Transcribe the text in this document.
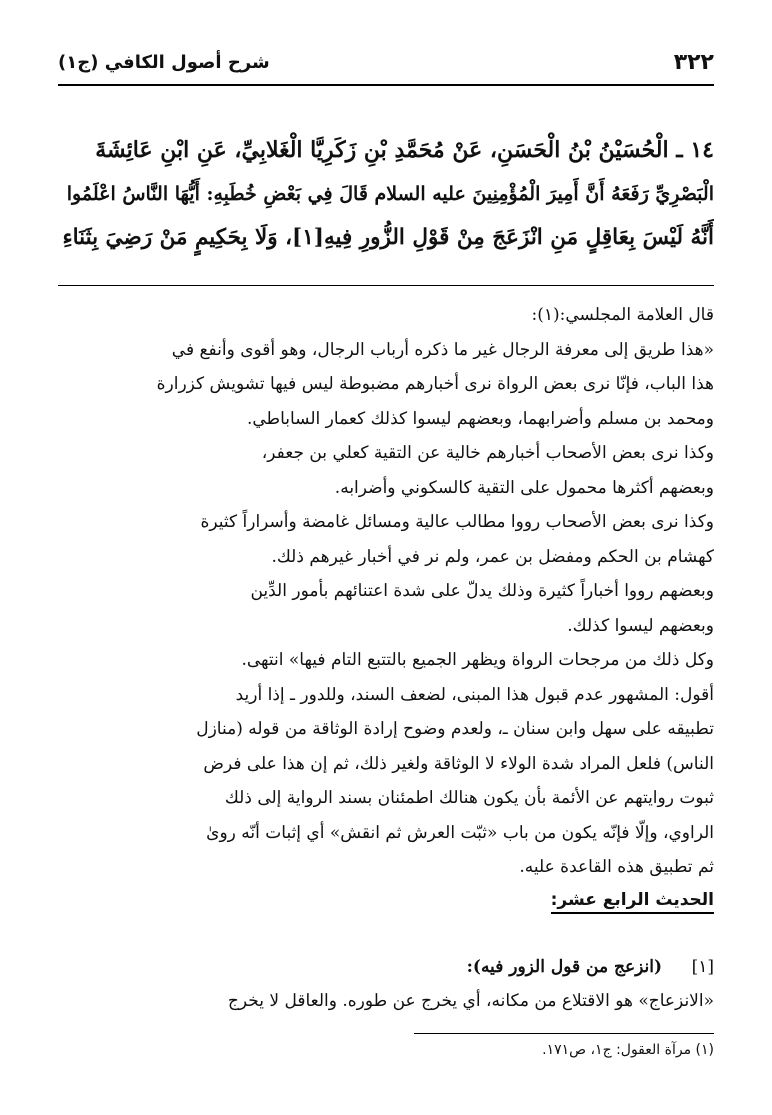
٣٢٢
شرح أصول الكافي (ج١)

١٤ ـ الْحُسَيْنُ بْنُ الْحَسَنِ، عَنْ مُحَمَّدِ بْنِ زَكَرِيَّا الْغَلابِيِّ، عَنِ ابْنِ عَائِشَةَ

الْبَصْرِيِّ رَفَعَهُ أَنَّ أَمِيرَ الْمُؤْمِنِينَ عليه السلام قَالَ فِي بَعْضِ خُطَبِهِ: أَيُّهَا النَّاسُ اعْلَمُوا

أَنَّهُ لَيْسَ بِعَاقِلٍ مَنِ انْزَعَجَ مِنْ قَوْلِ الزُّورِ فِيهِ[١]، وَلَا بِحَكِيمٍ مَنْ رَضِيَ بِثَنَاءِ

قال العلامة المجلسي:(١):

«هذا طريق إلى معرفة الرجال غير ما ذكره أرباب الرجال، وهو أقوى وأنفع في

هذا الباب، فإنّا نرى بعض الرواة نرى أخبارهم مضبوطة ليس فيها تشويش كزرارة

ومحمد بن مسلم وأضرابهما، وبعضهم ليسوا كذلك كعمار الساباطي.

وكذا نرى بعض الأصحاب أخبارهم خالية عن التقية كعلي بن جعفر،

وبعضهم أكثرها محمول على التقية كالسكوني وأضرابه.

وكذا نرى بعض الأصحاب رووا مطالب عالية ومسائل غامضة وأسراراً كثيرة

كهشام بن الحكم ومفضل بن عمر، ولم نر في أخبار غيرهم ذلك.

وبعضهم رووا أخباراً كثيرة وذلك يدلّ على شدة اعتنائهم بأمور الدِّين

وبعضهم ليسوا كذلك.

وكل ذلك من مرجحات الرواة ويظهر الجميع بالتتبع التام فيها» انتهى.

أقول: المشهور عدم قبول هذا المبنى، لضعف السند، وللدور ـ إذا أريد

تطبيقه على سهل وابن سنان ـ، ولعدم وضوح إرادة الوثاقة من قوله (منازل

الناس) فلعل المراد شدة الولاء لا الوثاقة ولغير ذلك، ثم إن هذا على فرض

ثبوت روايتهم عن الأئمة بأن يكون هنالك اطمئنان بسند الرواية إلى ذلك

الراوي، وإلّا فإنّه يكون من باب «ثبّت العرش ثم انقش» أي إثبات أنّه روىٰ

ثم تطبيق هذه القاعدة عليه.

الحديث الرابع عشر:

[١](انزعج من قول الزور فيه):

«الانزعاج» هو الاقتلاع من مكانه، أي يخرج عن طوره. والعاقل لا يخرج

(١) مرآة العقول: ج١، ص١٧١.
